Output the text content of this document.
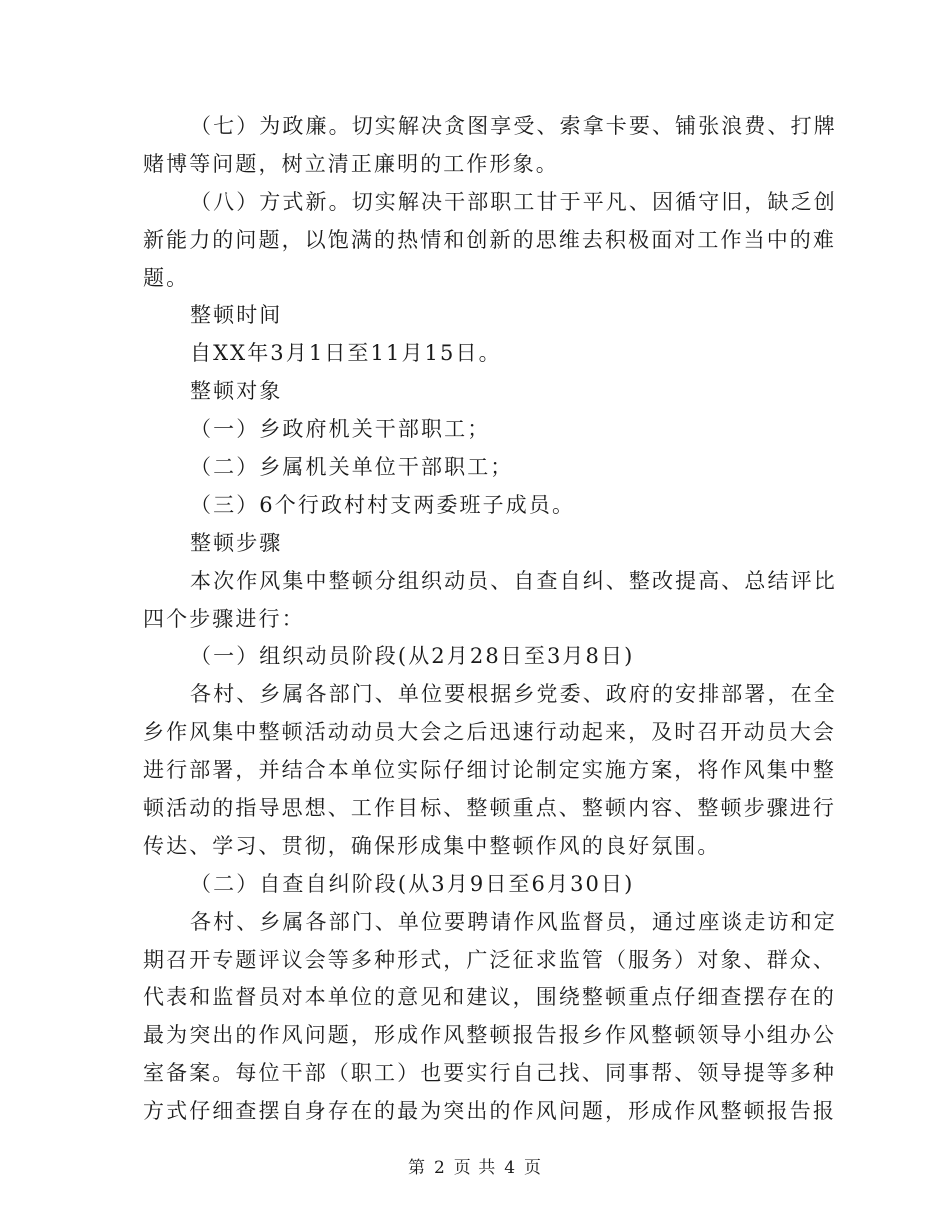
（七）为政廉。切实解决贪图享受、索拿卡要、铺张浪费、打牌
赌博等问题，树立清正廉明的工作形象。
（八）方式新。切实解决干部职工甘于平凡、因循守旧，缺乏创
新能力的问题，以饱满的热情和创新的思维去积极面对工作当中的难
题。
整顿时间
自XX年3月1日至11月15日。
整顿对象
（一）乡政府机关干部职工；
（二）乡属机关单位干部职工；
（三）6个行政村村支两委班子成员。
整顿步骤
本次作风集中整顿分组织动员、自查自纠、整改提高、总结评比
四个步骤进行：
（一）组织动员阶段(从2月28日至3月8日)
各村、乡属各部门、单位要根据乡党委、政府的安排部署，在全
乡作风集中整顿活动动员大会之后迅速行动起来，及时召开动员大会
进行部署，并结合本单位实际仔细讨论制定实施方案，将作风集中整
顿活动的指导思想、工作目标、整顿重点、整顿内容、整顿步骤进行
传达、学习、贯彻，确保形成集中整顿作风的良好氛围。
（二）自查自纠阶段(从3月9日至6月30日)
各村、乡属各部门、单位要聘请作风监督员，通过座谈走访和定
期召开专题评议会等多种形式，广泛征求监管（服务）对象、群众、
代表和监督员对本单位的意见和建议，围绕整顿重点仔细查摆存在的
最为突出的作风问题，形成作风整顿报告报乡作风整顿领导小组办公
室备案。每位干部（职工）也要实行自己找、同事帮、领导提等多种
方式仔细查摆自身存在的最为突出的作风问题，形成作风整顿报告报
第 2 页 共 4 页
